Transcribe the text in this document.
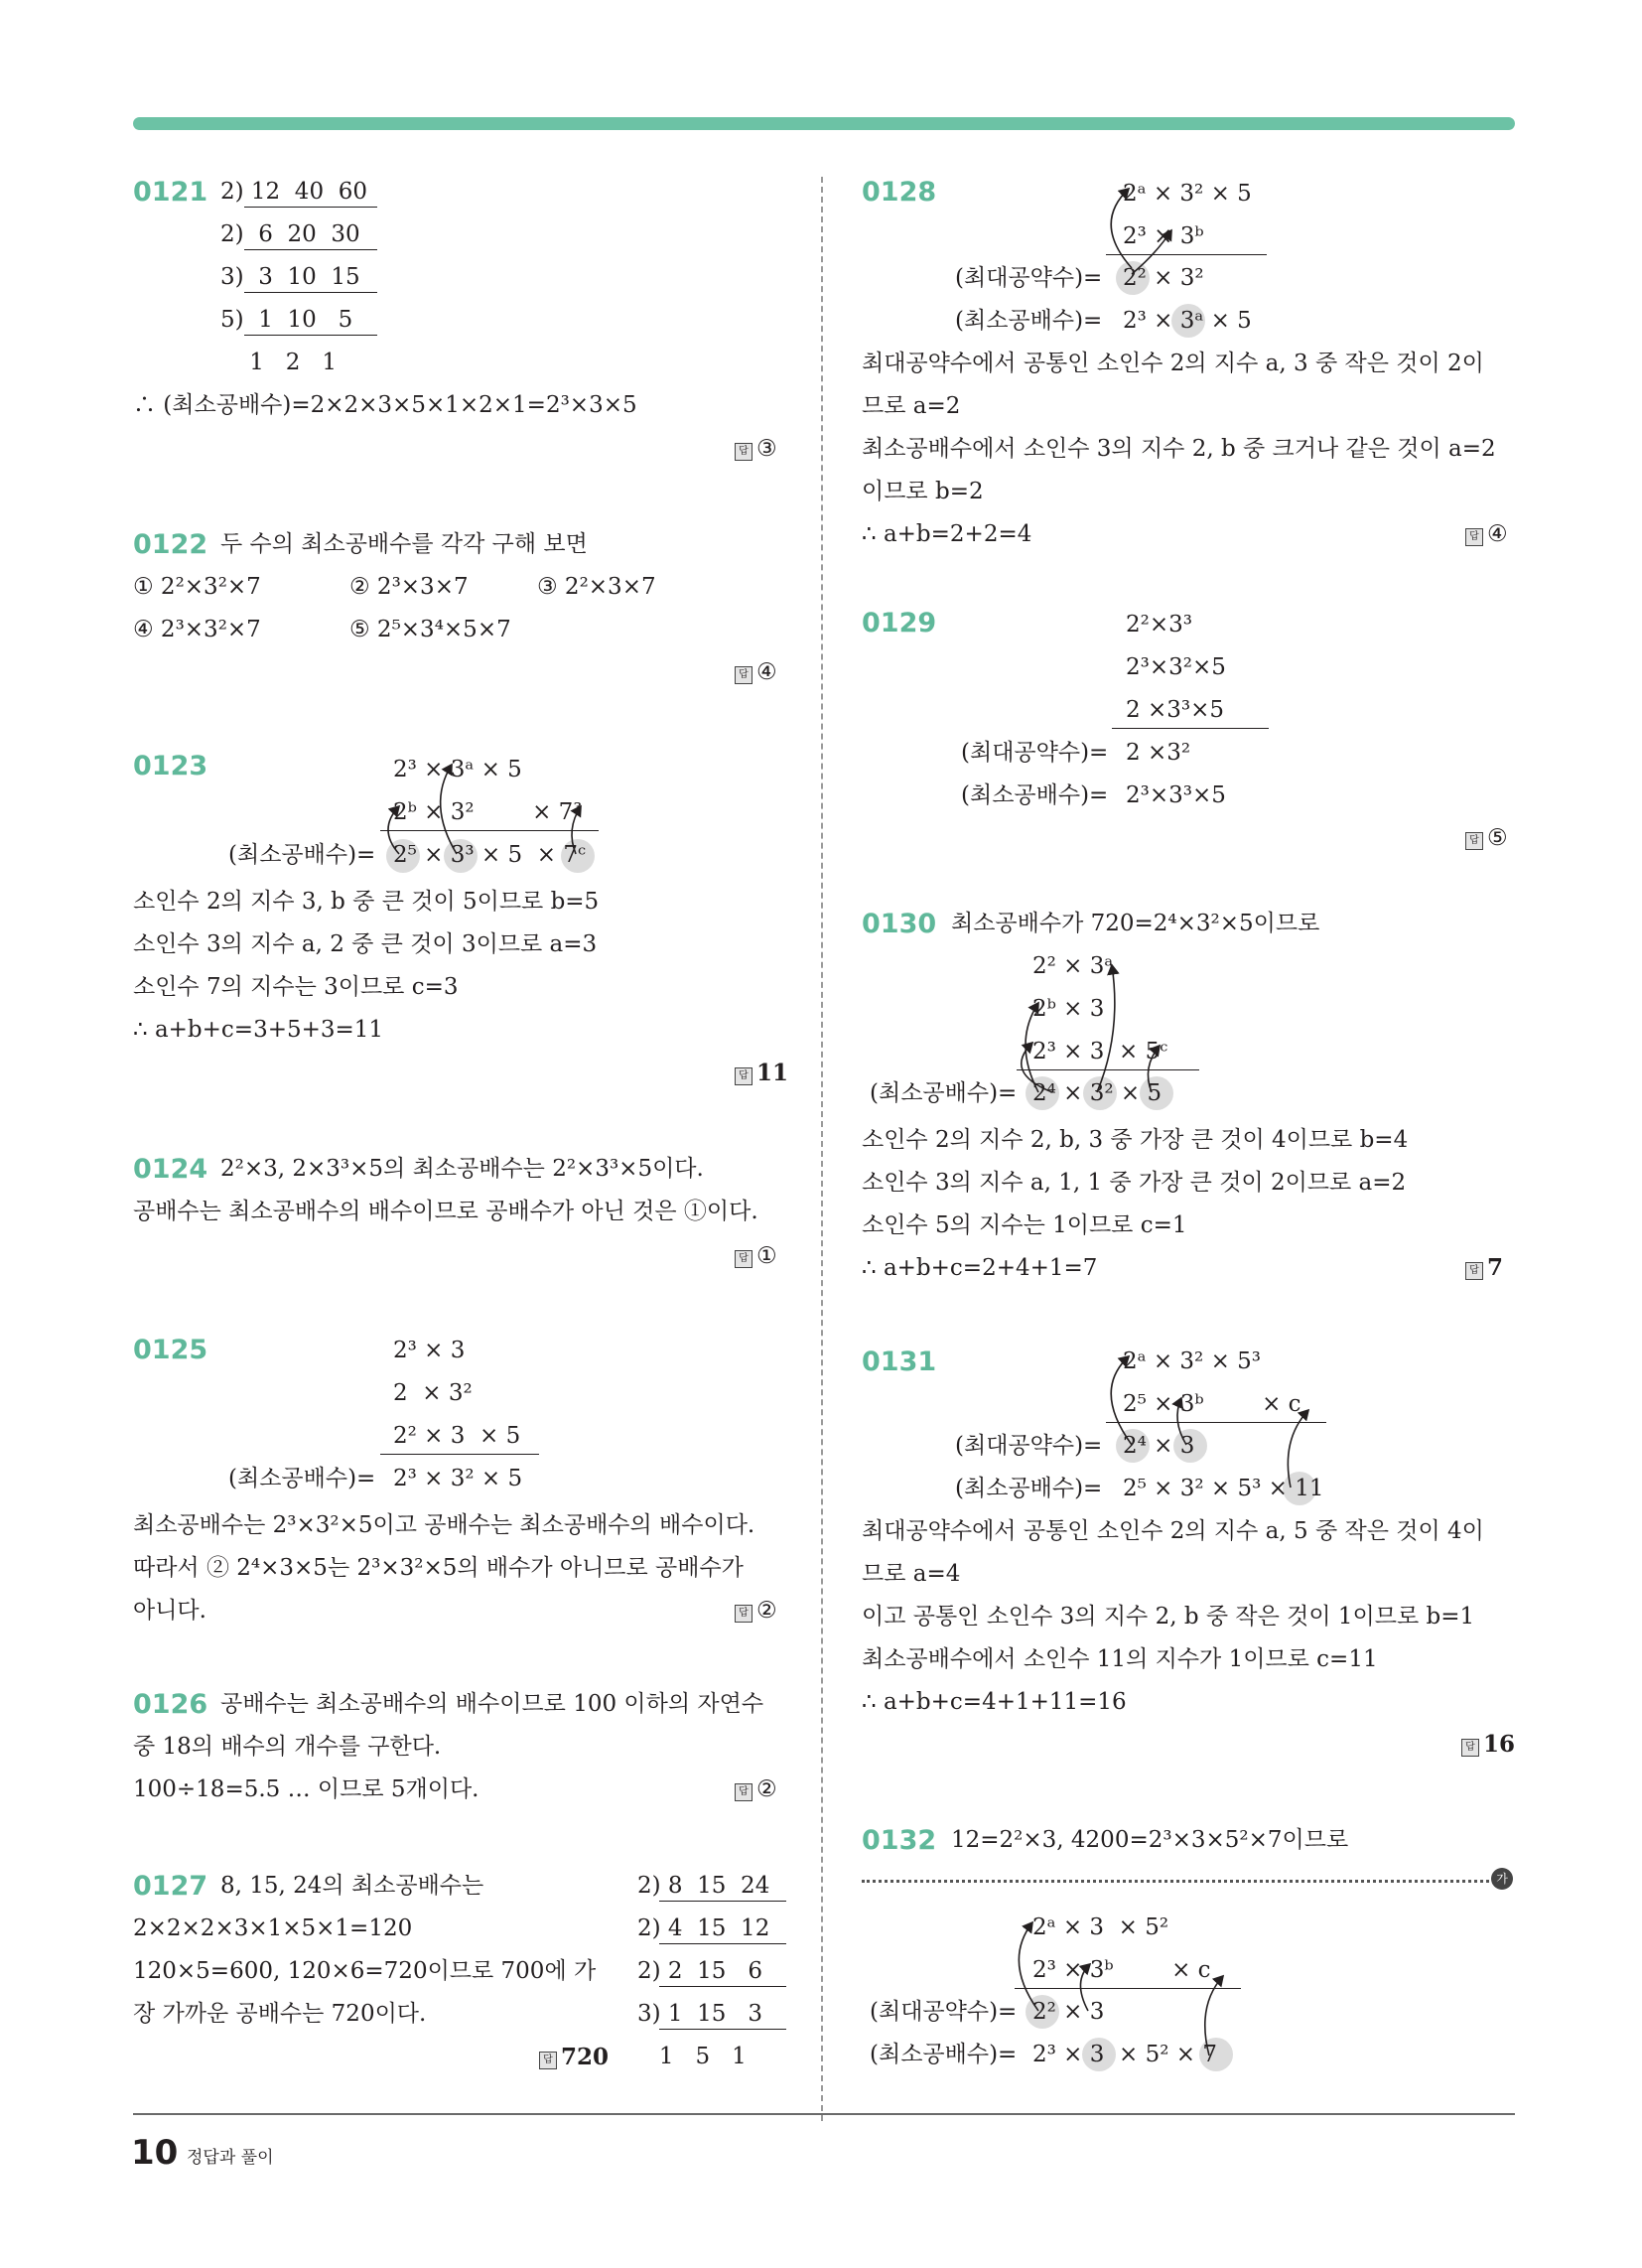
0121 2) 12  40  60
2)  6  20  30
3)  3  10  15
5)  1  10   5
1   2   1
∴ (최소공배수)=2×2×3×5×1×2×1=2³×3×5
답 ③
0122 두 수의 최소공배수를 각각 구해 보면
① 2²×3²×7	② 2³×3×7	③ 2²×3×7
④ 2³×3²×7	⑤ 2⁵×3⁴×5×7
답 ④
0123	2³ × 3ᵃ × 5
2ᵇ × 3²        × 7³
(최소공배수)= 2⁵ × 3³ × 5  × 7ᶜ
소인수 2의 지수 3, b 중 큰 것이 5이므로 b=5
소인수 3의 지수 a, 2 중 큰 것이 3이므로 a=3
소인수 7의 지수는 3이므로 c=3
∴ a+b+c=3+5+3=11
답 11
0124 2²×3, 2×3³×5의 최소공배수는 2²×3³×5이다.
공배수는 최소공배수의 배수이므로 공배수가 아닌 것은 ①이다.
답 ①
0125	2³ × 3
2  × 3²
2² × 3  × 5
(최소공배수)= 2³ × 3² × 5
최소공배수는 2³×3²×5이고 공배수는 최소공배수의 배수이다.
따라서 ② 2⁴×3×5는 2³×3²×5의 배수가 아니므로 공배수가
아니다.	답 ②
0126 공배수는 최소공배수의 배수이므로 100 이하의 자연수
중 18의 배수의 개수를 구한다.
100÷18=5.5 … 이므로 5개이다.	답 ②
0127 8, 15, 24의 최소공배수는
2×2×2×3×1×5×1=120
120×5=600, 120×6=720이므로 700에 가
장 가까운 공배수는 720이다.
2) 8  15  24
2) 4  15  12
2) 2  15   6
3) 1  15   3
1   5   1
답 720
0128	2ᵃ × 3² × 5
2³ × 3ᵇ
(최대공약수)= 2² × 3²
(최소공배수)= 2³ × 3ᵃ × 5
최대공약수에서 공통인 소인수 2의 지수 a, 3 중 작은 것이 2이
므로 a=2
최소공배수에서 소인수 3의 지수 2, b 중 크거나 같은 것이 a=2
이므로 b=2
∴ a+b=2+2=4	답 ④
0129	2²×3³
2³×3²×5
2 ×3³×5
(최대공약수)= 2 ×3²
(최소공배수)= 2³×3³×5
답 ⑤
0130 최소공배수가 720=2⁴×3²×5이므로
2² × 3ᵃ
2ᵇ × 3
2³ × 3  × 5ᶜ
(최소공배수)= 2⁴ × 3² × 5
소인수 2의 지수 2, b, 3 중 가장 큰 것이 4이므로 b=4
소인수 3의 지수 a, 1, 1 중 가장 큰 것이 2이므로 a=2
소인수 5의 지수는 1이므로 c=1
∴ a+b+c=2+4+1=7	답 7
0131	2ᵃ × 3² × 5³
2⁵ × 3ᵇ        × c
(최대공약수)= 2⁴ × 3
(최소공배수)= 2⁵ × 3² × 5³ × 11
최대공약수에서 공통인 소인수 2의 지수 a, 5 중 작은 것이 4이
므로 a=4
이고 공통인 소인수 3의 지수 2, b 중 작은 것이 1이므로 b=1
최소공배수에서 소인수 11의 지수가 1이므로 c=11
∴ a+b+c=4+1+11=16
답 16
0132 12=2²×3, 4200=2³×3×5²×7이므로
가
2ᵃ × 3  × 5²
2³ × 3ᵇ        × c
(최대공약수)= 2² × 3
(최소공배수)= 2³ × 3  × 5² × 7
10 정답과 풀이
